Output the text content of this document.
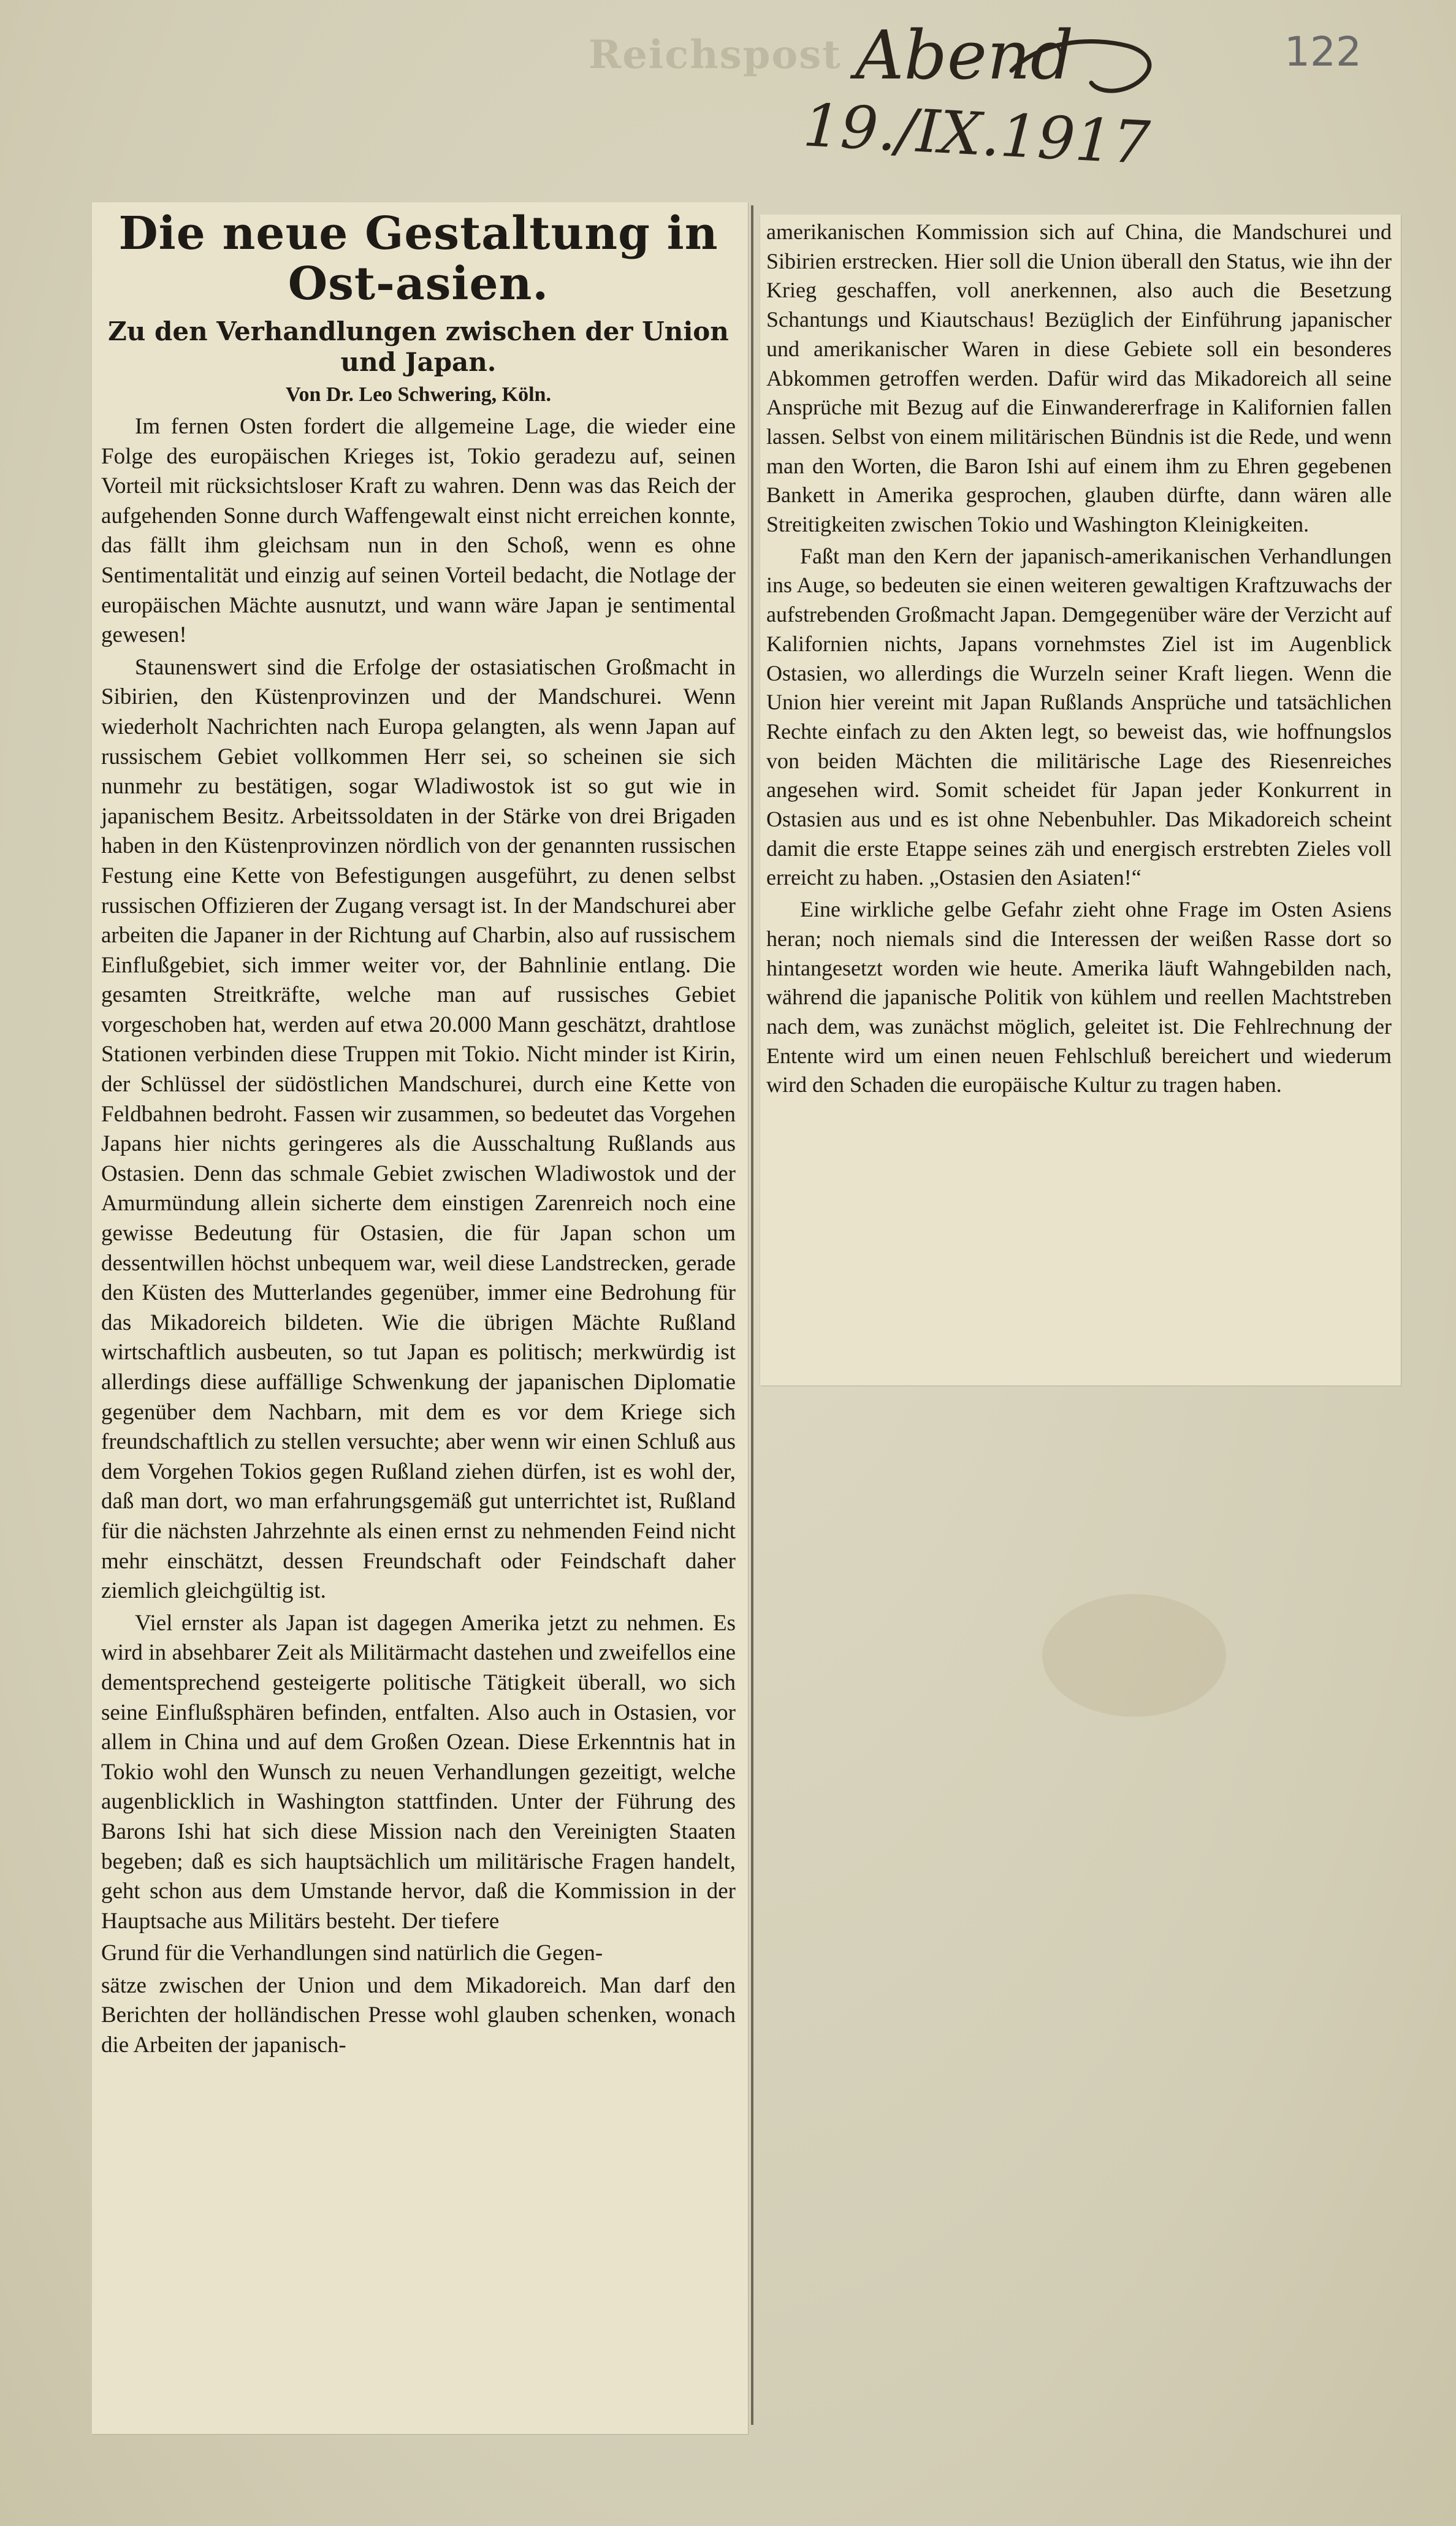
Reichspost Abend
19./IX.1917
122
Die neue Gestaltung in Ost-asien.
Zu den Verhandlungen zwischen der Union und Japan.
Von Dr. Leo Schwering, Köln.

Im fernen Osten fordert die allgemeine Lage, die wieder eine Folge des europäischen Krieges ist, Tokio geradezu auf, seinen Vorteil mit rücksichtsloser Kraft zu wahren. Denn was das Reich der aufgehenden Sonne durch Waffengewalt einst nicht erreichen konnte, das fällt ihm gleichsam nun in den Schoß, wenn es ohne Sentimentalität und einzig auf seinen Vorteil bedacht, die Notlage der europäischen Mächte ausnutzt, und wann wäre Japan je sentimental gewesen!

Staunenswert sind die Erfolge der ostasiatischen Großmacht in Sibirien, den Küstenprovinzen und der Mandschurei. Wenn wiederholt Nachrichten nach Europa gelangten, als wenn Japan auf russischem Gebiet vollkommen Herr sei, so scheinen sie sich nunmehr zu bestätigen, sogar Wladiwostok ist so gut wie in japanischem Besitz. Arbeitssoldaten in der Stärke von drei Brigaden haben in den Küstenprovinzen nördlich von der genannten russischen Festung eine Kette von Befestigungen ausgeführt, zu denen selbst russischen Offizieren der Zugang versagt ist. In der Mandschurei aber arbeiten die Japaner in der Richtung auf Charbin, also auf russischem Einflußgebiet, sich immer weiter vor, der Bahnlinie entlang. Die gesamten Streitkräfte, welche man auf russisches Gebiet vorgeschoben hat, werden auf etwa 20.000 Mann geschätzt, drahtlose Stationen verbinden diese Truppen mit Tokio. Nicht minder ist Kirin, der Schlüssel der südöstlichen Mandschurei, durch eine Kette von Feldbahnen bedroht. Fassen wir zusammen, so bedeutet das Vorgehen Japans hier nichts geringeres als die Ausschaltung Rußlands aus Ostasien. Denn das schmale Gebiet zwischen Wladiwostok und der Amurmündung allein sicherte dem einstigen Zarenreich noch eine gewisse Bedeutung für Ostasien, die für Japan schon um dessentwillen höchst unbequem war, weil diese Landstrecken, gerade den Küsten des Mutterlandes gegenüber, immer eine Bedrohung für das Mikadoreich bildeten. Wie die übrigen Mächte Rußland wirtschaftlich ausbeuten, so tut Japan es politisch; merkwürdig ist allerdings diese auffällige Schwenkung der japanischen Diplomatie gegenüber dem Nachbarn, mit dem es vor dem Kriege sich freundschaftlich zu stellen versuchte; aber wenn wir einen Schluß aus dem Vorgehen Tokios gegen Rußland ziehen dürfen, ist es wohl der, daß man dort, wo man erfahrungsgemäß gut unterrichtet ist, Rußland für die nächsten Jahrzehnte als einen ernst zu nehmenden Feind nicht mehr einschätzt, dessen Freundschaft oder Feindschaft daher ziemlich gleichgültig ist.

Viel ernster als Japan ist dagegen Amerika jetzt zu nehmen. Es wird in absehbarer Zeit als Militärmacht dastehen und zweifellos eine dementsprechend gesteigerte politische Tätigkeit überall, wo sich seine Einflußsphären befinden, entfalten. Also auch in Ostasien, vor allem in China und auf dem Großen Ozean. Diese Erkenntnis hat in Tokio wohl den Wunsch zu neuen Verhandlungen gezeitigt, welche augenblicklich in Washington stattfinden. Unter der Führung des Barons Ishi hat sich diese Mission nach den Vereinigten Staaten begeben; daß es sich hauptsächlich um militärische Fragen handelt, geht schon aus dem Umstande hervor, daß die Kommission in der Hauptsache aus Militärs besteht. Der tiefere

Grund für die Verhandlungen sind natürlich die Gegen-

sätze zwischen der Union und dem Mikadoreich. Man darf den Berichten der holländischen Presse wohl glauben schenken, wonach die Arbeiten der japanisch-

amerikanischen Kommission sich auf China, die Mandschurei und Sibirien erstrecken. Hier soll die Union überall den Status, wie ihn der Krieg geschaffen, voll anerkennen, also auch die Besetzung Schantungs und Kiautschaus! Bezüglich der Einführung japanischer und amerikanischer Waren in diese Gebiete soll ein besonderes Abkommen getroffen werden. Dafür wird das Mikadoreich all seine Ansprüche mit Bezug auf die Einwandererfrage in Kalifornien fallen lassen. Selbst von einem militärischen Bündnis ist die Rede, und wenn man den Worten, die Baron Ishi auf einem ihm zu Ehren gegebenen Bankett in Amerika gesprochen, glauben dürfte, dann wären alle Streitigkeiten zwischen Tokio und Washington Kleinigkeiten.

Faßt man den Kern der japanisch-amerikanischen Verhandlungen ins Auge, so bedeuten sie einen weiteren gewaltigen Kraftzuwachs der aufstrebenden Großmacht Japan. Demgegenüber wäre der Verzicht auf Kalifornien nichts, Japans vornehmstes Ziel ist im Augenblick Ostasien, wo allerdings die Wurzeln seiner Kraft liegen. Wenn die Union hier vereint mit Japan Rußlands Ansprüche und tatsächlichen Rechte einfach zu den Akten legt, so beweist das, wie hoffnungslos von beiden Mächten die militärische Lage des Riesenreiches angesehen wird. Somit scheidet für Japan jeder Konkurrent in Ostasien aus und es ist ohne Nebenbuhler. Das Mikadoreich scheint damit die erste Etappe seines zäh und energisch erstrebten Zieles voll erreicht zu haben. „Ostasien den Asiaten!“

Eine wirkliche gelbe Gefahr zieht ohne Frage im Osten Asiens heran; noch niemals sind die Interessen der weißen Rasse dort so hintangesetzt worden wie heute. Amerika läuft Wahngebilden nach, während die japanische Politik von kühlem und reellen Machtstreben nach dem, was zunächst möglich, geleitet ist. Die Fehlrechnung der Entente wird um einen neuen Fehlschluß bereichert und wiederum wird den Schaden die europäische Kultur zu tragen haben.
